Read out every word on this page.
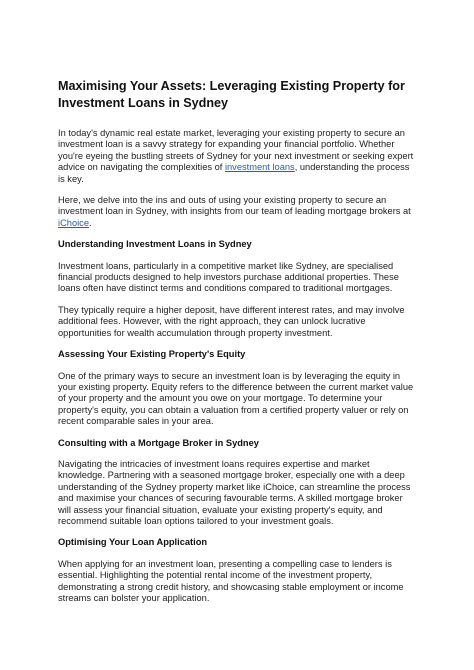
Maximising Your Assets: Leveraging Existing Property for Investment Loans in Sydney

In today's dynamic real estate market, leveraging your existing property to secure an investment loan is a savvy strategy for expanding your financial portfolio. Whether you're eyeing the bustling streets of Sydney for your next investment or seeking expert advice on navigating the complexities of investment loans, understanding the process is key.

Here, we delve into the ins and outs of using your existing property to secure an investment loan in Sydney, with insights from our team of leading mortgage brokers at iChoice.

Understanding Investment Loans in Sydney

Investment loans, particularly in a competitive market like Sydney, are specialised financial products designed to help investors purchase additional properties. These loans often have distinct terms and conditions compared to traditional mortgages.

They typically require a higher deposit, have different interest rates, and may involve additional fees. However, with the right approach, they can unlock lucrative opportunities for wealth accumulation through property investment.

Assessing Your Existing Property's Equity

One of the primary ways to secure an investment loan is by leveraging the equity in your existing property. Equity refers to the difference between the current market value of your property and the amount you owe on your mortgage. To determine your property's equity, you can obtain a valuation from a certified property valuer or rely on recent comparable sales in your area.

Consulting with a Mortgage Broker in Sydney

Navigating the intricacies of investment loans requires expertise and market knowledge. Partnering with a seasoned mortgage broker, especially one with a deep understanding of the Sydney property market like iChoice, can streamline the process and maximise your chances of securing favourable terms. A skilled mortgage broker will assess your financial situation, evaluate your existing property's equity, and recommend suitable loan options tailored to your investment goals.

Optimising Your Loan Application

When applying for an investment loan, presenting a compelling case to lenders is essential. Highlighting the potential rental income of the investment property, demonstrating a strong credit history, and showcasing stable employment or income streams can bolster your application.
